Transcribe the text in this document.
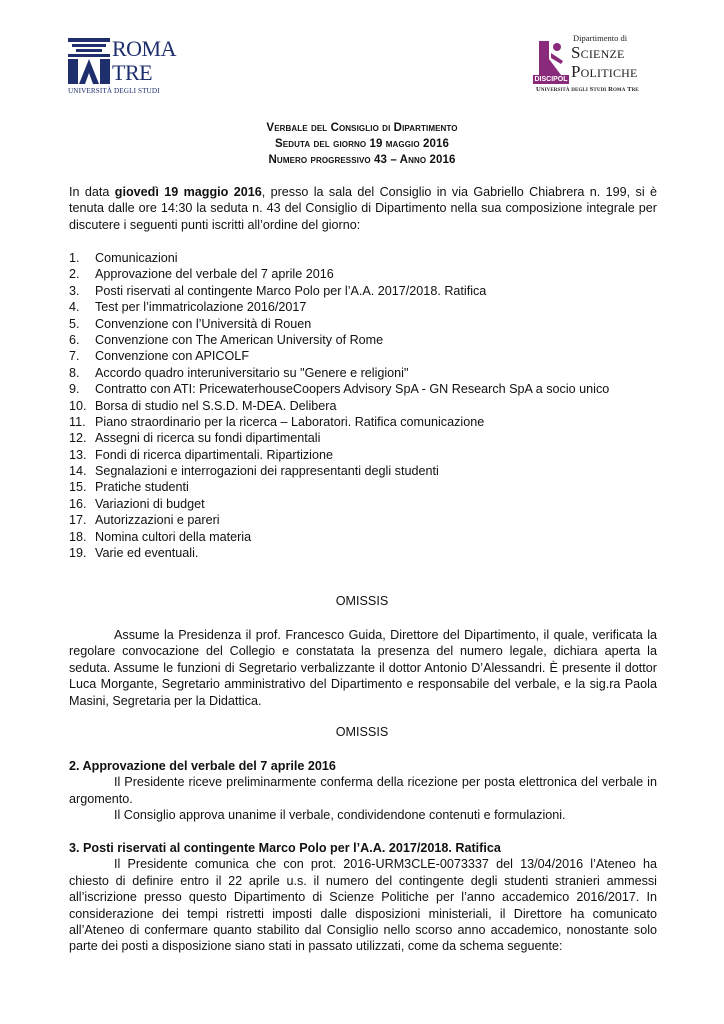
ROMA
TRE
UNIVERSITÀ DEGLI STUDI
DISCIPOL
Dipartimento di
Scienze
Politiche
Università degli Studi Roma Tre
Verbale del Consiglio di Dipartimento
Seduta del giorno 19 maggio 2016
Numero progressivo 43 – Anno 2016

In data giovedì 19 maggio 2016, presso la sala del Consiglio in via Gabriello Chiabrera n. 199, si è tenuta dalle ore 14:30 la seduta n. 43 del Consiglio di Dipartimento nella sua composizione integrale per discutere i seguenti punti iscritti all’ordine del giorno:

1. Comunicazioni
2. Approvazione del verbale del 7 aprile 2016
3. Posti riservati al contingente Marco Polo per l’A.A. 2017/2018. Ratifica
4. Test per l’immatricolazione 2016/2017
5. Convenzione con l’Università di Rouen
6. Convenzione con The American University of Rome
7. Convenzione con APICOLF
8. Accordo quadro interuniversitario su "Genere e religioni"
9. Contratto con ATI: PricewaterhouseCoopers Advisory SpA - GN Research SpA a socio unico
10. Borsa di studio nel S.S.D. M-DEA. Delibera
11. Piano straordinario per la ricerca – Laboratori. Ratifica comunicazione
12. Assegni di ricerca su fondi dipartimentali
13. Fondi di ricerca dipartimentali. Ripartizione
14. Segnalazioni e interrogazioni dei rappresentanti degli studenti
15. Pratiche studenti
16. Variazioni di budget
17. Autorizzazioni e pareri
18. Nomina cultori della materia
19. Varie ed eventuali.
OMISSIS

Assume la Presidenza il prof. Francesco Guida, Direttore del Dipartimento, il quale, verificata la regolare convocazione del Collegio e constatata la presenza del numero legale, dichiara aperta la seduta. Assume le funzioni di Segretario verbalizzante il dottor Antonio D’Alessandri. È presente il dottor Luca Morgante, Segretario amministrativo del Dipartimento e responsabile del verbale, e la sig.ra Paola Masini, Segretaria per la Didattica.

OMISSIS
2. Approvazione del verbale del 7 aprile 2016

Il Presidente riceve preliminarmente conferma della ricezione per posta elettronica del verbale in argomento.

Il Consiglio approva unanime il verbale, condividendone contenuti e formulazioni.

3. Posti riservati al contingente Marco Polo per l’A.A. 2017/2018. Ratifica

Il Presidente comunica che con prot. 2016-URM3CLE-0073337 del 13/04/2016 l’Ateneo ha chiesto di definire entro il 22 aprile u.s. il numero del contingente degli studenti stranieri ammessi all’iscrizione presso questo Dipartimento di Scienze Politiche per l’anno accademico 2016/2017. In considerazione dei tempi ristretti imposti dalle disposizioni ministeriali, il Direttore ha comunicato all’Ateneo di confermare quanto stabilito dal Consiglio nello scorso anno accademico, nonostante solo parte dei posti a disposizione siano stati in passato utilizzati, come da schema seguente:
